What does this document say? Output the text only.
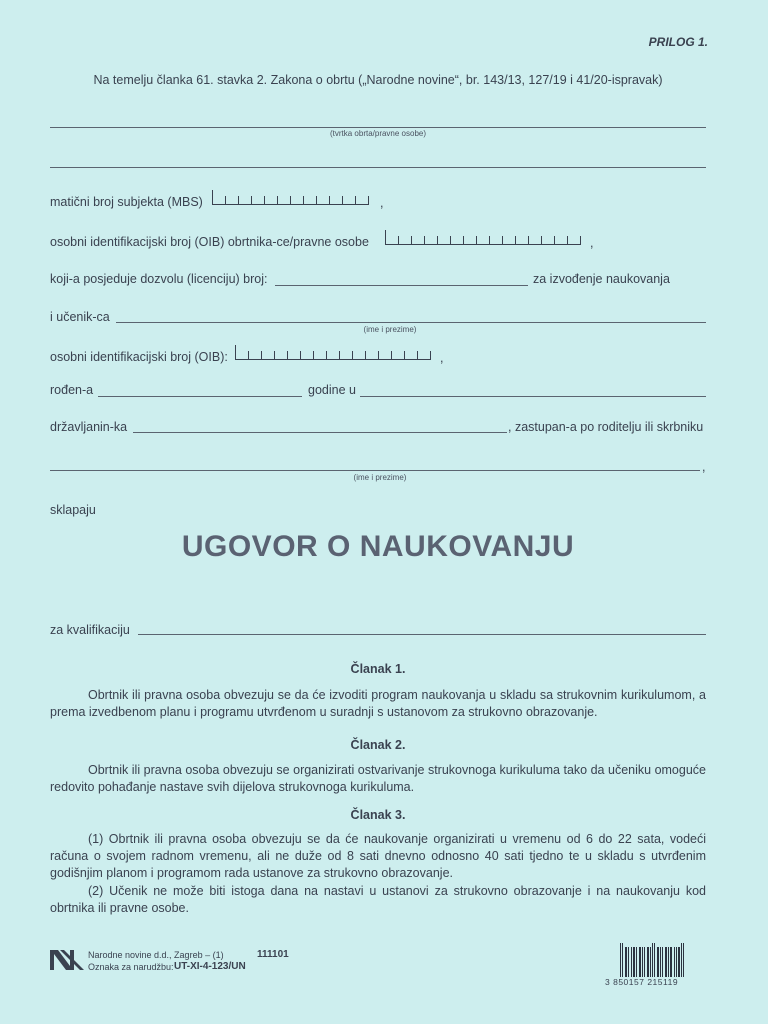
PRILOG 1.
Na temelju članka 61. stavka 2. Zakona o obrtu („Narodne novine“, br. 143/13, 127/19 i 41/20-ispravak)
(tvrtka obrta/pravne osobe)
matični broj subjekta (MBS)	,
osobni identifikacijski broj (OIB) obrtnika-ce/pravne osobe	,
koji-a posjeduje dozvolu (licenciju) broj:	za izvođenje naukovanja
i učenik-ca
(ime i prezime)
osobni identifikacijski broj (OIB):	,
rođen-a	godine u
državljanin-ka	, zastupan-a po roditelju ili skrbniku
,
(ime i prezime)
sklapaju
UGOVOR O NAUKOVANJU
za kvalifikaciju
Članak 1.
Obrtnik ili pravna osoba obvezuju se da će izvoditi program naukovanja u skladu sa strukovnim kurikulumom, a prema izvedbenom planu i programu utvrđenom u suradnji s ustanovom za strukovno obrazovanje.
Članak 2.
Obrtnik ili pravna osoba obvezuju se organizirati ostvarivanje strukovnoga kurikuluma tako da učeniku omoguće redovito pohađanje nastave svih dijelova strukovnoga kurikuluma.
Članak 3.
(1) Obrtnik ili pravna osoba obvezuju se da će naukovanje organizirati u vremenu od 6 do 22 sata, vodeći računa o svojem radnom vremenu, ali ne duže od 8 sati dnevno odnosno 40 sati tjedno te u skladu s utvrđenim godišnjim planom i programom rada ustanove za strukovno obrazovanje.
(2) Učenik ne može biti istoga dana na nastavi u ustanovi za strukovno obrazovanje i na naukovanju kod obrtnika ili pravne osobe.
Narodne novine d.d., Zagreb – (1)	111101
Oznaka za narudžbu: UT-XI-4-123/UN
3 850157 215119
